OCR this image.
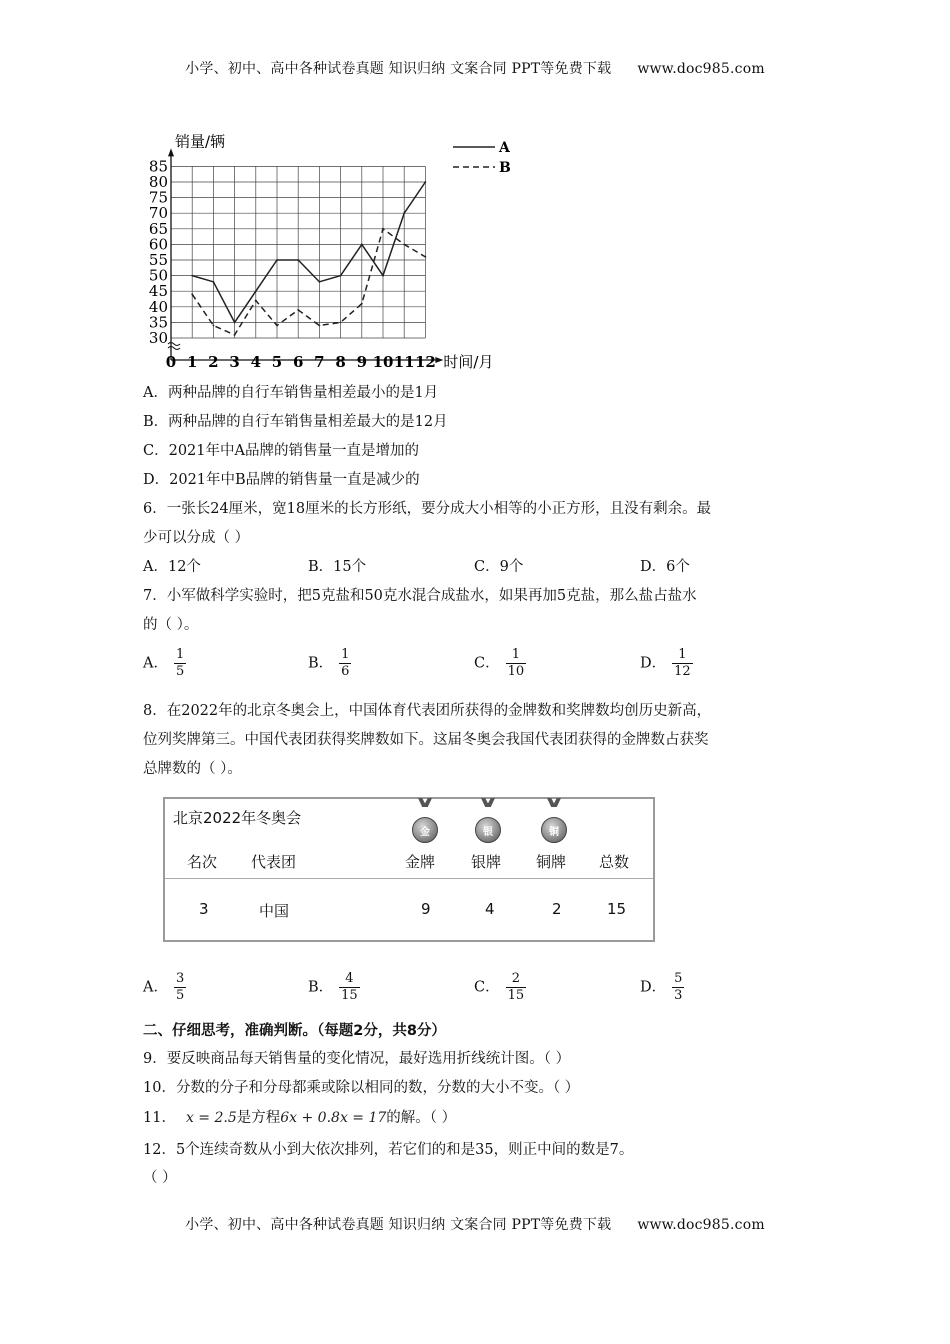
小学、初中、高中各种试卷真题 知识归纳 文案合同 PPT等免费下载 www.doc985.com
销量/辆
时间/月
30
35
40
45
50
55
60
65
70
75
80
85
0 1 2 3 4 5 6 7 8 9 10 11 12
A
B
A．两种品牌的自行车销售量相差最小的是1月
B．两种品牌的自行车销售量相差最大的是12月
C．2021年中A品牌的销售量一直是增加的
D．2021年中B品牌的销售量一直是减少的
6．一张长24厘米，宽18厘米的长方形纸，要分成大小相等的小正方形，且没有剩余。最
少可以分成（ ）
A．12个	B．15个	C．9个	D．6个
7．小军做科学实验时，把5克盐和50克水混合成盐水，如果再加5克盐，那么盐占盐水
的（ ）。
A． $\frac{1}{5}$	B． $\frac{1}{6}$	C． $\frac{1}{10}$	D． $\frac{1}{12}$
8．在2022年的北京冬奥会上，中国体育代表团所获得的金牌数和奖牌数均创历史新高，
位列奖牌第三。中国代表团获得奖牌数如下。这届冬奥会我国代表团获得的金牌数占获奖
总牌数的（ ）。
北京2022年冬奥会
金	银	铜
名次 代表团	金牌 银牌 铜牌 总数
3	中国	9	4	2	15
A． $\frac{3}{5}$	B． $\frac{4}{15}$	C． $\frac{2}{15}$	D． $\frac{5}{3}$
二、仔细思考，准确判断。（每题2分，共8分）
9．要反映商品每天销售量的变化情况，最好选用折线统计图。（ ）
10．分数的分子和分母都乘或除以相同的数，分数的大小不变。（ ）
11． x = 2.5是方程6x + 0.8x = 17的解。（ ）
12．5个连续奇数从小到大依次排列，若它们的和是35，则正中间的数是7。
（ ）
小学、初中、高中各种试卷真题 知识归纳 文案合同 PPT等免费下载 www.doc985.com
